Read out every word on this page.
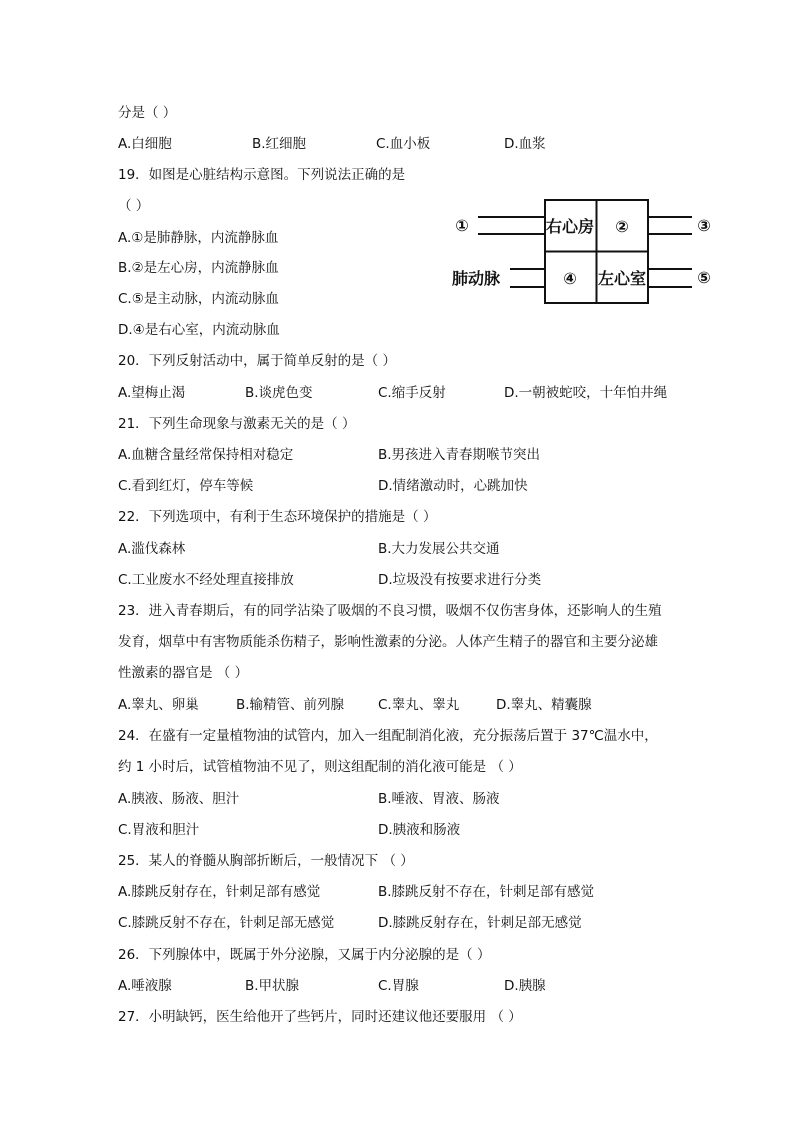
分是（ ）
A.白细胞	B.红细胞	C.血小板	D.血浆
19．如图是心脏结构示意图。下列说法正确的是
（ ）
A.①是肺静脉，内流静脉血
B.②是左心房，内流静脉血
C.⑤是主动脉，内流动脉血
D.④是右心室，内流动脉血
①	右心房 ②	③
肺动脉	④ 左心室	⑤
20．下列反射活动中，属于简单反射的是（ ）
A.望梅止渴	B.谈虎色变	C.缩手反射	D.一朝被蛇咬，十年怕井绳
21．下列生命现象与激素无关的是（ ）
A.血糖含量经常保持相对稳定	B.男孩进入青春期喉节突出
C.看到红灯，停车等候	D.情绪激动时，心跳加快
22．下列选项中，有利于生态环境保护的措施是（ ）
A.滥伐森林	B.大力发展公共交通
C.工业废水不经处理直接排放	D.垃圾没有按要求进行分类
23．进入青春期后，有的同学沾染了吸烟的不良习惯，吸烟不仅伤害身体，还影响人的生殖
发育，烟草中有害物质能杀伤精子，影响性激素的分泌。人体产生精子的器官和主要分泌雄
性激素的器官是 （ ）
A.睾丸、卵巢	B.输精管、前列腺	C.睾丸、睾丸	D.睾丸、精囊腺
24．在盛有一定量植物油的试管内，加入一组配制消化液，充分振荡后置于 37℃温水中，
约 1 小时后，试管植物油不见了，则这组配制的消化液可能是 （ ）
A.胰液、肠液、胆汁	B.唾液、胃液、肠液
C.胃液和胆汁	D.胰液和肠液
25．某人的脊髓从胸部折断后，一般情况下 （ ）
A.膝跳反射存在，针刺足部有感觉	B.膝跳反射不存在，针刺足部有感觉
C.膝跳反射不存在，针刺足部无感觉	D.膝跳反射存在，针刺足部无感觉
26．下列腺体中，既属于外分泌腺，又属于内分泌腺的是（ ）
A.唾液腺	B.甲状腺	C.胃腺	D.胰腺
27．小明缺钙，医生给他开了些钙片，同时还建议他还要服用 （ ）
